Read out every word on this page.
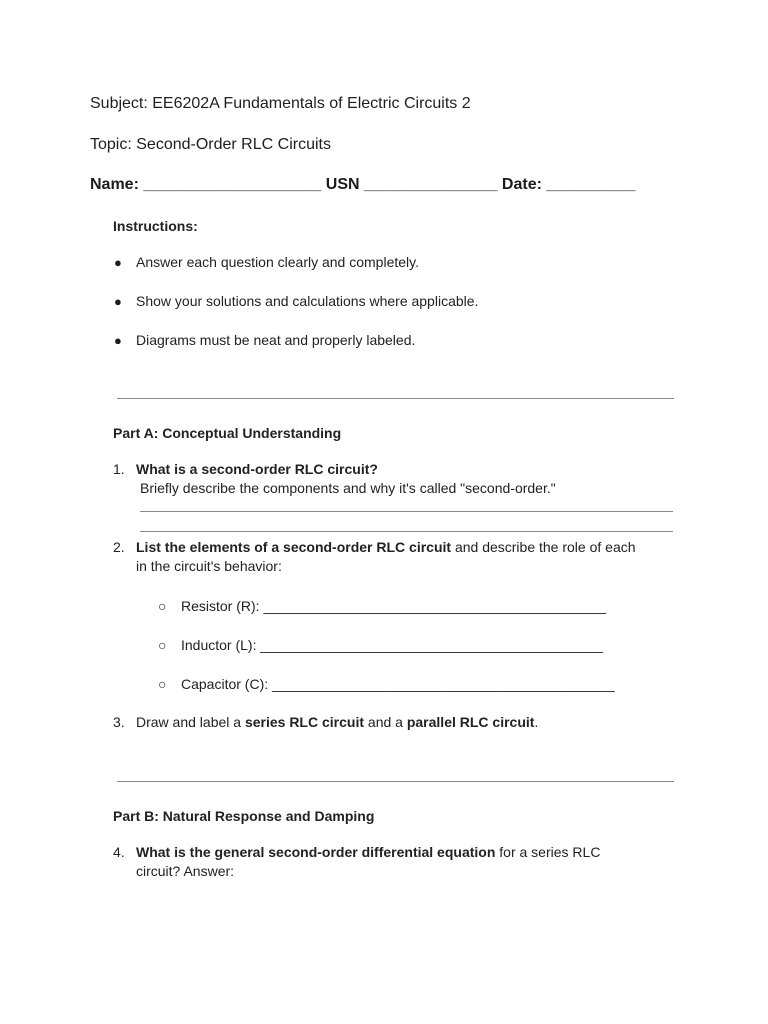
Subject: EE6202A Fundamentals of Electric Circuits 2
Topic: Second-Order RLC Circuits
Name: ____________________ USN _______________ Date: __________
Instructions:
● Answer each question clearly and completely.
● Show your solutions and calculations where applicable.
● Diagrams must be neat and properly labeled.
Part A: Conceptual Understanding
1. What is a second-order RLC circuit?
Briefly describe the components and why it's called "second-order."
2. List the elements of a second-order RLC circuit and describe the role of each
in the circuit's behavior:
○ Resistor (R): ____________________________________________
○ Inductor (L): ____________________________________________
○ Capacitor (C): ____________________________________________
3. Draw and label a series RLC circuit and a parallel RLC circuit.
Part B: Natural Response and Damping
4. What is the general second-order differential equation for a series RLC
circuit? Answer:
